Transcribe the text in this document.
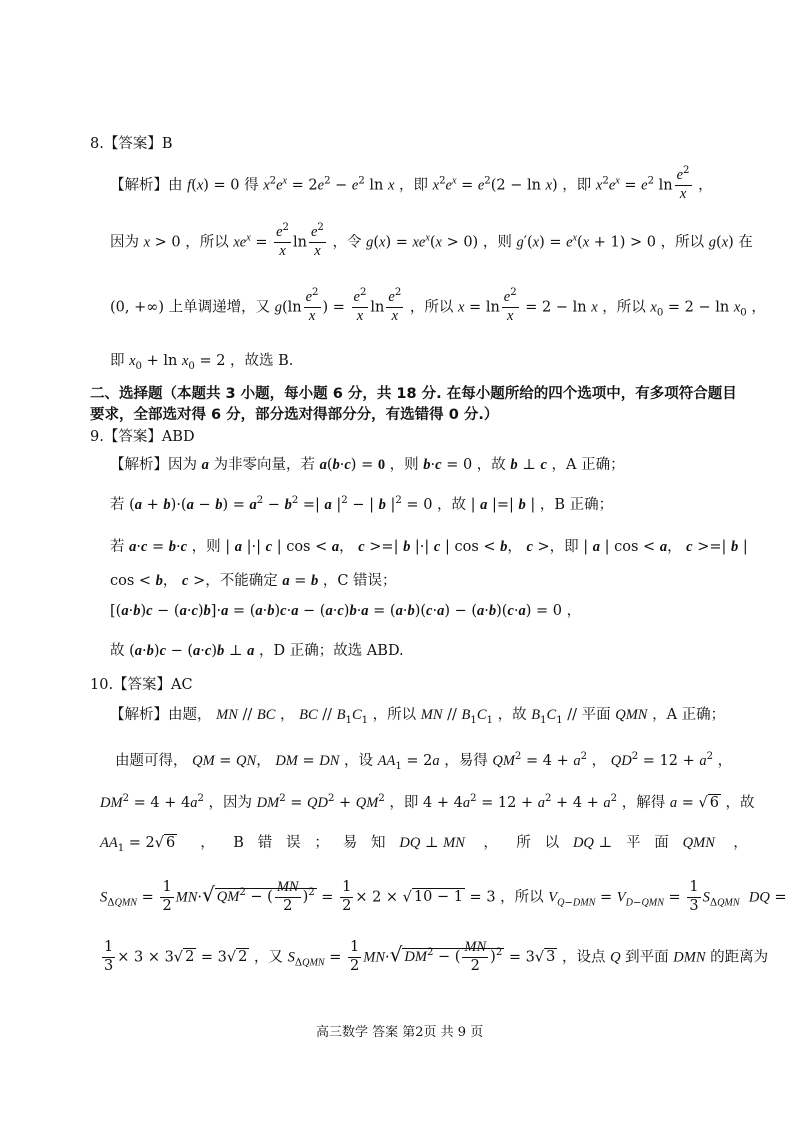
8.【答案】B
【解析】由 f(x) = 0 得 $x^2e^x = 2e^2 - e^2$ ln x ，即 $x^2e^x = e^2(2 - \ln x)$ ，即 $x^2e^x = e^2$ $\ln \frac{e^2}{x}$ ，
因为 x > 0 ，所以 $xe^x = \frac{e^2}{x}$ $\ln \frac{e^2}{x}$ ，令 $g(x) = xe^x(x > 0)$ ，则 $g'(x) = e^x(x + 1) > 0$ ，所以 g(x) 在
(0, +∞) 上单调递增，又 $g(\ln \frac{e^2}{x}$ ) = $\frac{e^2}{x}$ $\ln \frac{e^2}{x}$ ，所以 $x = \ln \frac{e^2}{x} = 2 - \ln x$ ，所以 $x_0 = 2 - \ln x_0$ ，
即 $x_0 + \ln x_0 = 2$ ，故选 B.
二、选择题（本题共 3 小题，每小题 6 分，共 18 分. 在每小题所给的四个选项中，有多项符合题目
要求，全部选对得 6 分，部分选对得部分分，有选错得 0 分.）
9.【答案】ABD
【解析】因为 a 为非零向量，若 a(b·c) = 0 ，则 b·c = 0 ，故 b ⊥ c ，A 正确；
若 $(a + b)\cdot(a - b) = a^2 - b^2$ =| a $|^2$ − | b $|^2 = 0$ ，故 | a |=| b | ，B 正确；
若 a·c = b·c ，则 | a |·| c | cos < a， c >=| b |·| c | cos < b， c >，即 | a | cos < a， c >=| b |
cos < b， c >，不能确定 a = b ，C 错误；
[(a·b)c − (a·c)b]·a = (a·b)c·a − (a·c)b·a = (a·b)(c·a) − (a·b)(c·a) = 0 ，
故 (a·b)c − (a·c)b ⊥ a ，D 正确；故选 ABD.
10.【答案】AC
【解析】由题， MN // BC ， BC // $B_1C_1$ ，所以 MN // $B_1C_1$ ，故 $B_1C_1$ // 平面 QMN ，A 正确；
由题可得， QM = QN， DM = DN ，设 $AA_1 = 2a$ ，易得 $QM^2 = 4 + a^2$ ， $QD^2 = 12 + a^2$ ，
$DM^2 = 4 + 4a^2$ ，因为 $DM^2 = QD^2 + QM^2$ ，即 $4 + 4a^2 = 12 + a^2 + 4 + a^2$ ，解得 a = √ 6 ，故
$AA_1 = 2√$ 6     ，    B   错   误   ；   易   知   DQ ⊥ MN    ，    所   以   DQ ⊥   平   面   QMN    ，
$S_{\Delta QMN} = \frac{1}{2} MN\cdot√$ $QM^2$ − ( $\frac{MN}{2} )^2 = \frac{1}{2} \times 2$ × √ 10 − 1 = 3 ，所以 $V_{Q-DMN} = V_{D-QMN} = \frac{1}{3} S_{\Delta QMN}$ DQ =
$\frac{1}{3} \times 3 \times 3√$ 2 = 3√ 2 ，又 $S_{\Delta QMN} = \frac{1}{2} MN\cdot√$ $DM^2$ − ( $\frac{MN}{2} )^2 = 3√$ 3 ，设点 Q 到平面 DMN 的距离为
高三数学 答案 第2页 共 9 页
